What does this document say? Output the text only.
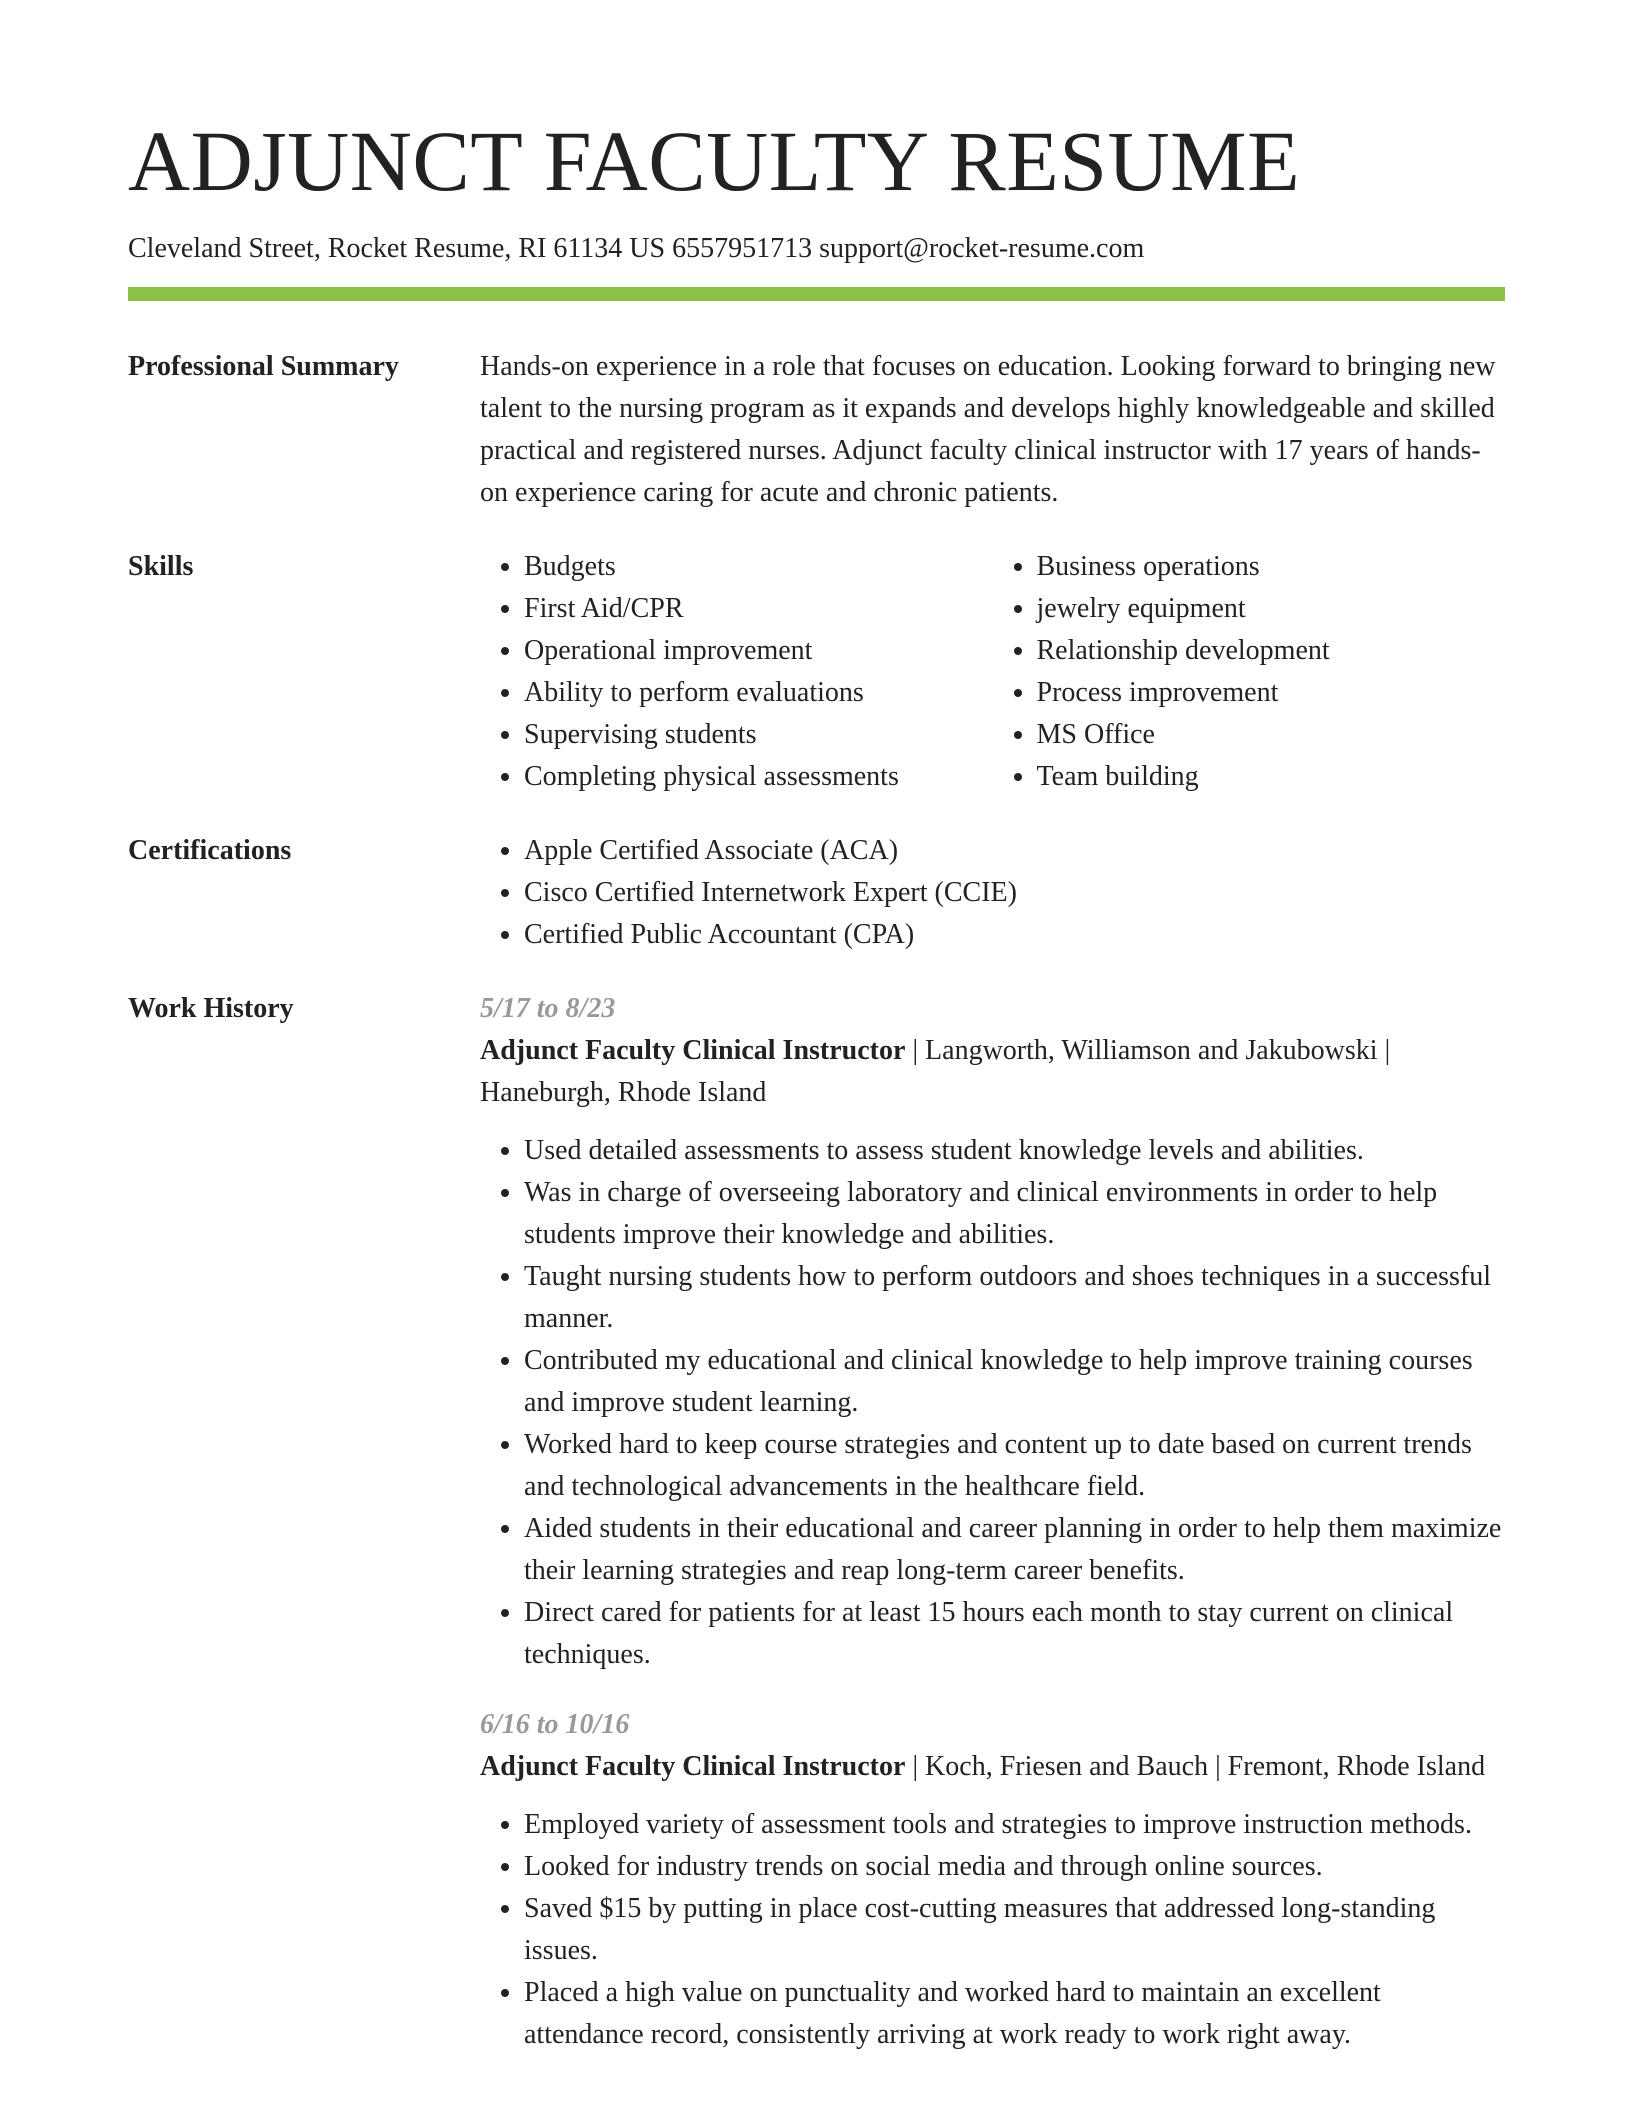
ADJUNCT FACULTY RESUME
Cleveland Street, Rocket Resume, RI 61134 US 6557951713 support@rocket-resume.com
Professional Summary	Hands-on experience in a role that focuses on education. Looking forward to bringing new talent to the nursing program as it expands and develops highly knowledgeable and skilled practical and registered nurses. Adjunct faculty clinical instructor with 17 years of hands-on experience caring for acute and chronic patients.

Skills	• Budgets
• First Aid/CPR
• Operational improvement
• Ability to perform evaluations
• Supervising students
• Completing physical assessments
• Business operations
• jewelry equipment
• Relationship development
• Process improvement
• MS Office
• Team building
Certifications	• Apple Certified Associate (ACA)
• Cisco Certified Internetwork Expert (CCIE)
• Certified Public Accountant (CPA)
Work History	5/17 to 8/23

Adjunct Faculty Clinical Instructor | Langworth, Williamson and Jakubowski | Haneburgh, Rhode Island

• Used detailed assessments to assess student knowledge levels and abilities.
• Was in charge of overseeing laboratory and clinical environments in order to help students improve their knowledge and abilities.
• Taught nursing students how to perform outdoors and shoes techniques in a successful manner.
• Contributed my educational and clinical knowledge to help improve training courses and improve student learning.
• Worked hard to keep course strategies and content up to date based on current trends and technological advancements in the healthcare field.
• Aided students in their educational and career planning in order to help them maximize their learning strategies and reap long-term career benefits.
• Direct cared for patients for at least 15 hours each month to stay current on clinical techniques.
6/16 to 10/16

Adjunct Faculty Clinical Instructor | Koch, Friesen and Bauch | Fremont, Rhode Island

• Employed variety of assessment tools and strategies to improve instruction methods.
• Looked for industry trends on social media and through online sources.
• Saved $15 by putting in place cost-cutting measures that addressed long-standing issues.
• Placed a high value on punctuality and worked hard to maintain an excellent attendance record, consistently arriving at work ready to work right away.
